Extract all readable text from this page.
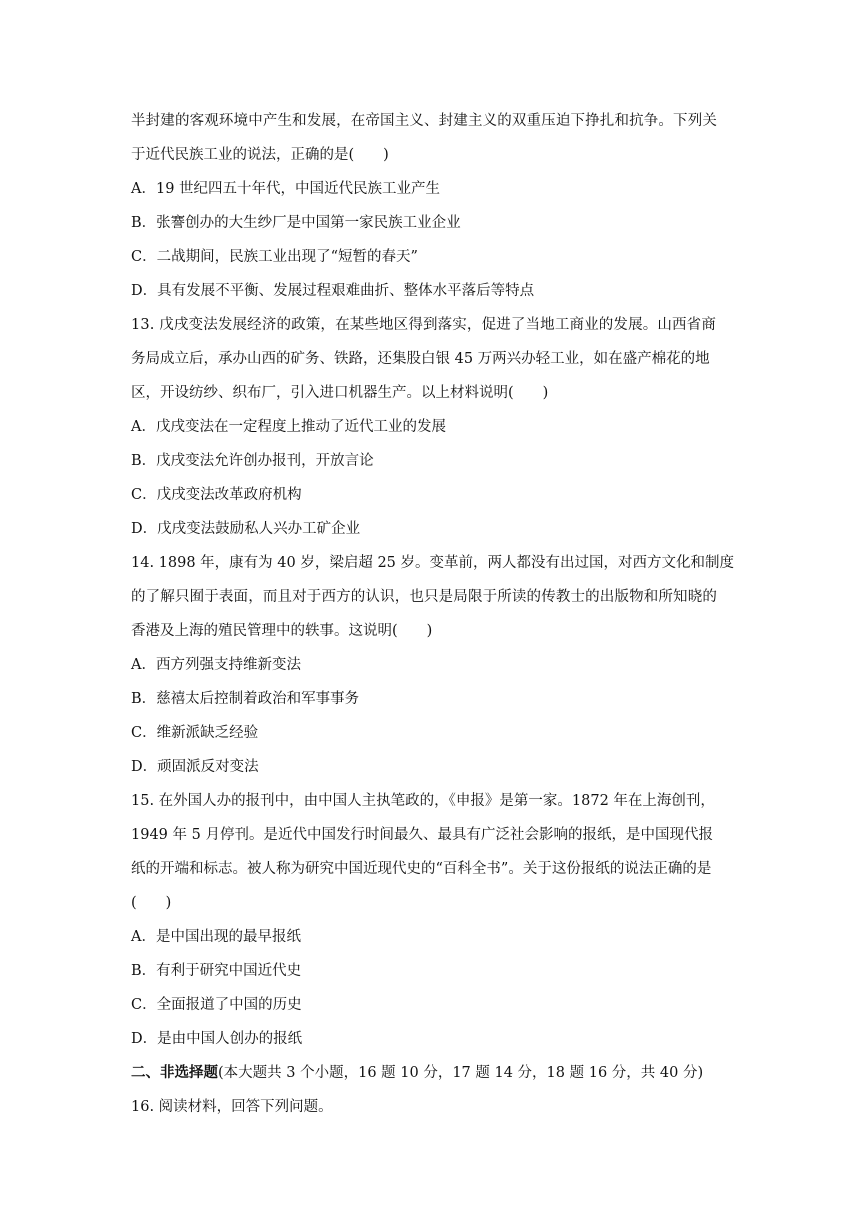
半封建的客观环境中产生和发展，在帝国主义、封建主义的双重压迫下挣扎和抗争。下列关
于近代民族工业的说法，正确的是(　　)
A．19 世纪四五十年代，中国近代民族工业产生
B．张謇创办的大生纱厂是中国第一家民族工业企业
C．二战期间，民族工业出现了“短暂的春天”
D．具有发展不平衡、发展过程艰难曲折、整体水平落后等特点
13. 戊戌变法发展经济的政策，在某些地区得到落实，促进了当地工商业的发展。山西省商
务局成立后，承办山西的矿务、铁路，还集股白银 45 万两兴办轻工业，如在盛产棉花的地
区，开设纺纱、织布厂，引入进口机器生产。以上材料说明(　　)
A．戊戌变法在一定程度上推动了近代工业的发展
B．戊戌变法允许创办报刊，开放言论
C．戊戌变法改革政府机构
D．戊戌变法鼓励私人兴办工矿企业
14. 1898 年，康有为 40 岁，梁启超 25 岁。变革前，两人都没有出过国，对西方文化和制度
的了解只囿于表面，而且对于西方的认识，也只是局限于所读的传教士的出版物和所知晓的
香港及上海的殖民管理中的轶事。这说明(　　)
A．西方列强支持维新变法
B．慈禧太后控制着政治和军事事务
C．维新派缺乏经验
D．顽固派反对变法
15. 在外国人办的报刊中，由中国人主执笔政的，《申报》是第一家。1872 年在上海创刊，
1949 年 5 月停刊。是近代中国发行时间最久、最具有广泛社会影响的报纸，是中国现代报
纸的开端和标志。被人称为研究中国近现代史的“百科全书”。关于这份报纸的说法正确的是
(　　)
A．是中国出现的最早报纸
B．有利于研究中国近代史
C．全面报道了中国的历史
D．是由中国人创办的报纸
二、非选择题(本大题共 3 个小题，16 题 10 分，17 题 14 分，18 题 16 分，共 40 分)
16. 阅读材料，回答下列问题。
